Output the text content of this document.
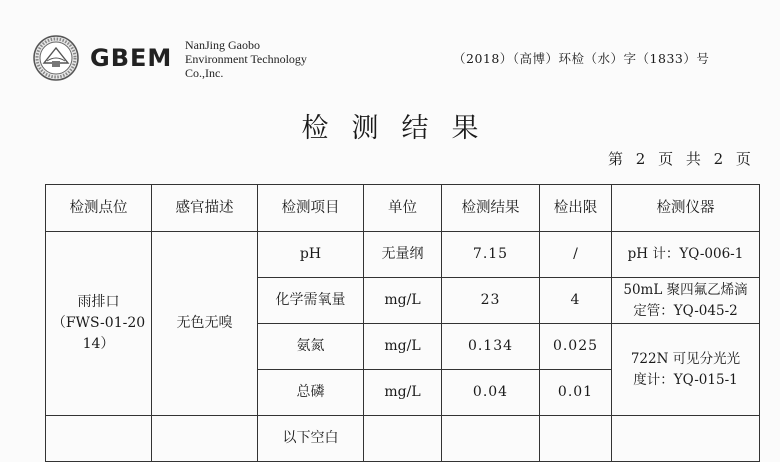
GBEM NanJing Gaobo
Environment Technology
Co.,Inc.
（2018）（高博）环检（水）字（1833）号
检测结果
第 2 页 共 2 页
检测点位	感官描述	检测项目	单位	检测结果	检出限	检测仪器

雨排口
（FWS-01-20
14）	无色无嗅	pH	无量纲	7.15	/	pH 计：YQ-006-1
		化学需氧量	mg/L	23	4	50mL 聚四氟乙烯滴
定管：YQ-045-2

		氨氮	mg/L	0.134	0.025	722N 可见分光光
度计：YQ-015-1

		总磷	mg/L	0.04	0.01	
		以下空白				
